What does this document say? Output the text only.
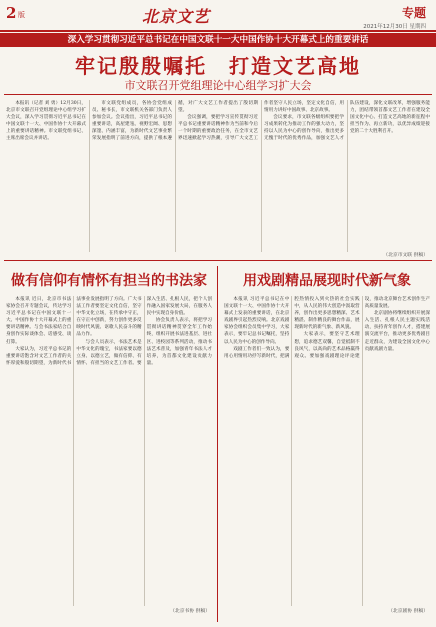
2 版	北京文艺	专题
2021年12月30日 星期四
深入学习贯彻习近平总书记在中国文联十一大中国作协十大开幕式上的重要讲话
牢记殷殷嘱托　打造文艺高地
市文联召开党组理论中心组学习扩大会

本报讯（记者 刘 勇）12月30日，北京市文联召开党组理论中心组学习扩大会议，深入学习贯彻习近平总书记在中国文联十一大、中国作协十大开幕式上的重要讲话精神。市文联党组书记、主席出席会议并讲话。

市文联党组成员，各协会党组成员、秘书长，市文联机关各部门负责人参加会议。会议指出，习近平总书记的重要讲话，高屋建瓴、视野宏阔、思想深邃、内涵丰富，为新时代文艺事业繁荣发展指明了前进方向，提供了根本遵循，对广大文艺工作者提出了殷切期望。

会议强调，要把学习宣传贯彻习近平总书记重要讲话精神作为当前和今后一个时期的重要政治任务，在全市文艺界迅速掀起学习热潮，引导广大文艺工作者坚守人民立场，坚定文化自信，用情用力讲好中国故事、北京故事。

会议要求，市文联各级组织要把学习成果转化为推动工作的强大动力，坚持以人民为中心的创作导向，推出更多无愧于时代的优秀作品，加强文艺人才队伍建设，深化文联改革，增强服务能力，团结带领首都文艺工作者在建设全国文化中心、打造文艺高地的新征程中担当作为、再立新功，以优异成绩迎接党的二十大胜利召开。

（北京市文联 供稿）
做有信仰有情怀有担当的书法家

本报讯 近日，北京市书法家协会召开专题会议，传达学习习近平总书记在中国文联十一大、中国作协十大开幕式上的重要讲话精神。与会书法家结合自身创作实际谈体会、话感受、谈打算。

大家认为，习近平总书记的重要讲话饱含对文艺工作者的关怀厚爱和殷切期望，为新时代书法事业发展指明了方向。广大书法工作者要坚定文化自信，坚守中华文化立场，在传承中守正，在守正中创新，努力创作更多反映时代风貌、讴歌人民奋斗的精品力作。

与会人员表示，书法艺术是中华文化的瑰宝，书法家要以德立身、以德立艺，做有信仰、有情怀、有担当的文艺工作者。要深入生活、扎根人民，把个人创作融入国家发展大局，在服务人民中实现自身价值。

协会负责人表示，将把学习贯彻讲话精神贯穿全年工作始终，组织开展书法进基层、进社区、进校园等系列活动，推动书法艺术普及，加强青年书法人才培养，为首都文化建设贡献力量。

（北京书协 供稿）
用戏剧精品展现时代新气象

本报讯 习近平总书记在中国文联十一大、中国作协十大开幕式上发表的重要讲话，在北京戏剧界引起热烈反响。北京戏剧家协会组织会员集中学习，大家表示，要牢记总书记嘱托，坚持以人民为中心的创作导向。

戏剧工作者们一致认为，要用心用情用功抒写新时代，把满腔热情投入到火热的社会实践中，从人民的伟大创造中汲取营养，创作出更多思想精深、艺术精湛、制作精良的舞台作品，展现新时代的新气象、新风貌。

大家表示，要坚守艺术理想，追求德艺双馨，自觉抵制不良风气，以高尚的艺术品格赢得观众。要加强戏剧理论评论建设，推动北京舞台艺术创作生产高质量发展。

北京剧协将继续组织开展深入生活、扎根人民主题实践活动，扶持青年创作人才，搭建展演交流平台，推动更多优秀剧目走近群众，为建设全国文化中心贡献戏剧力量。

（北京剧协 供稿）
